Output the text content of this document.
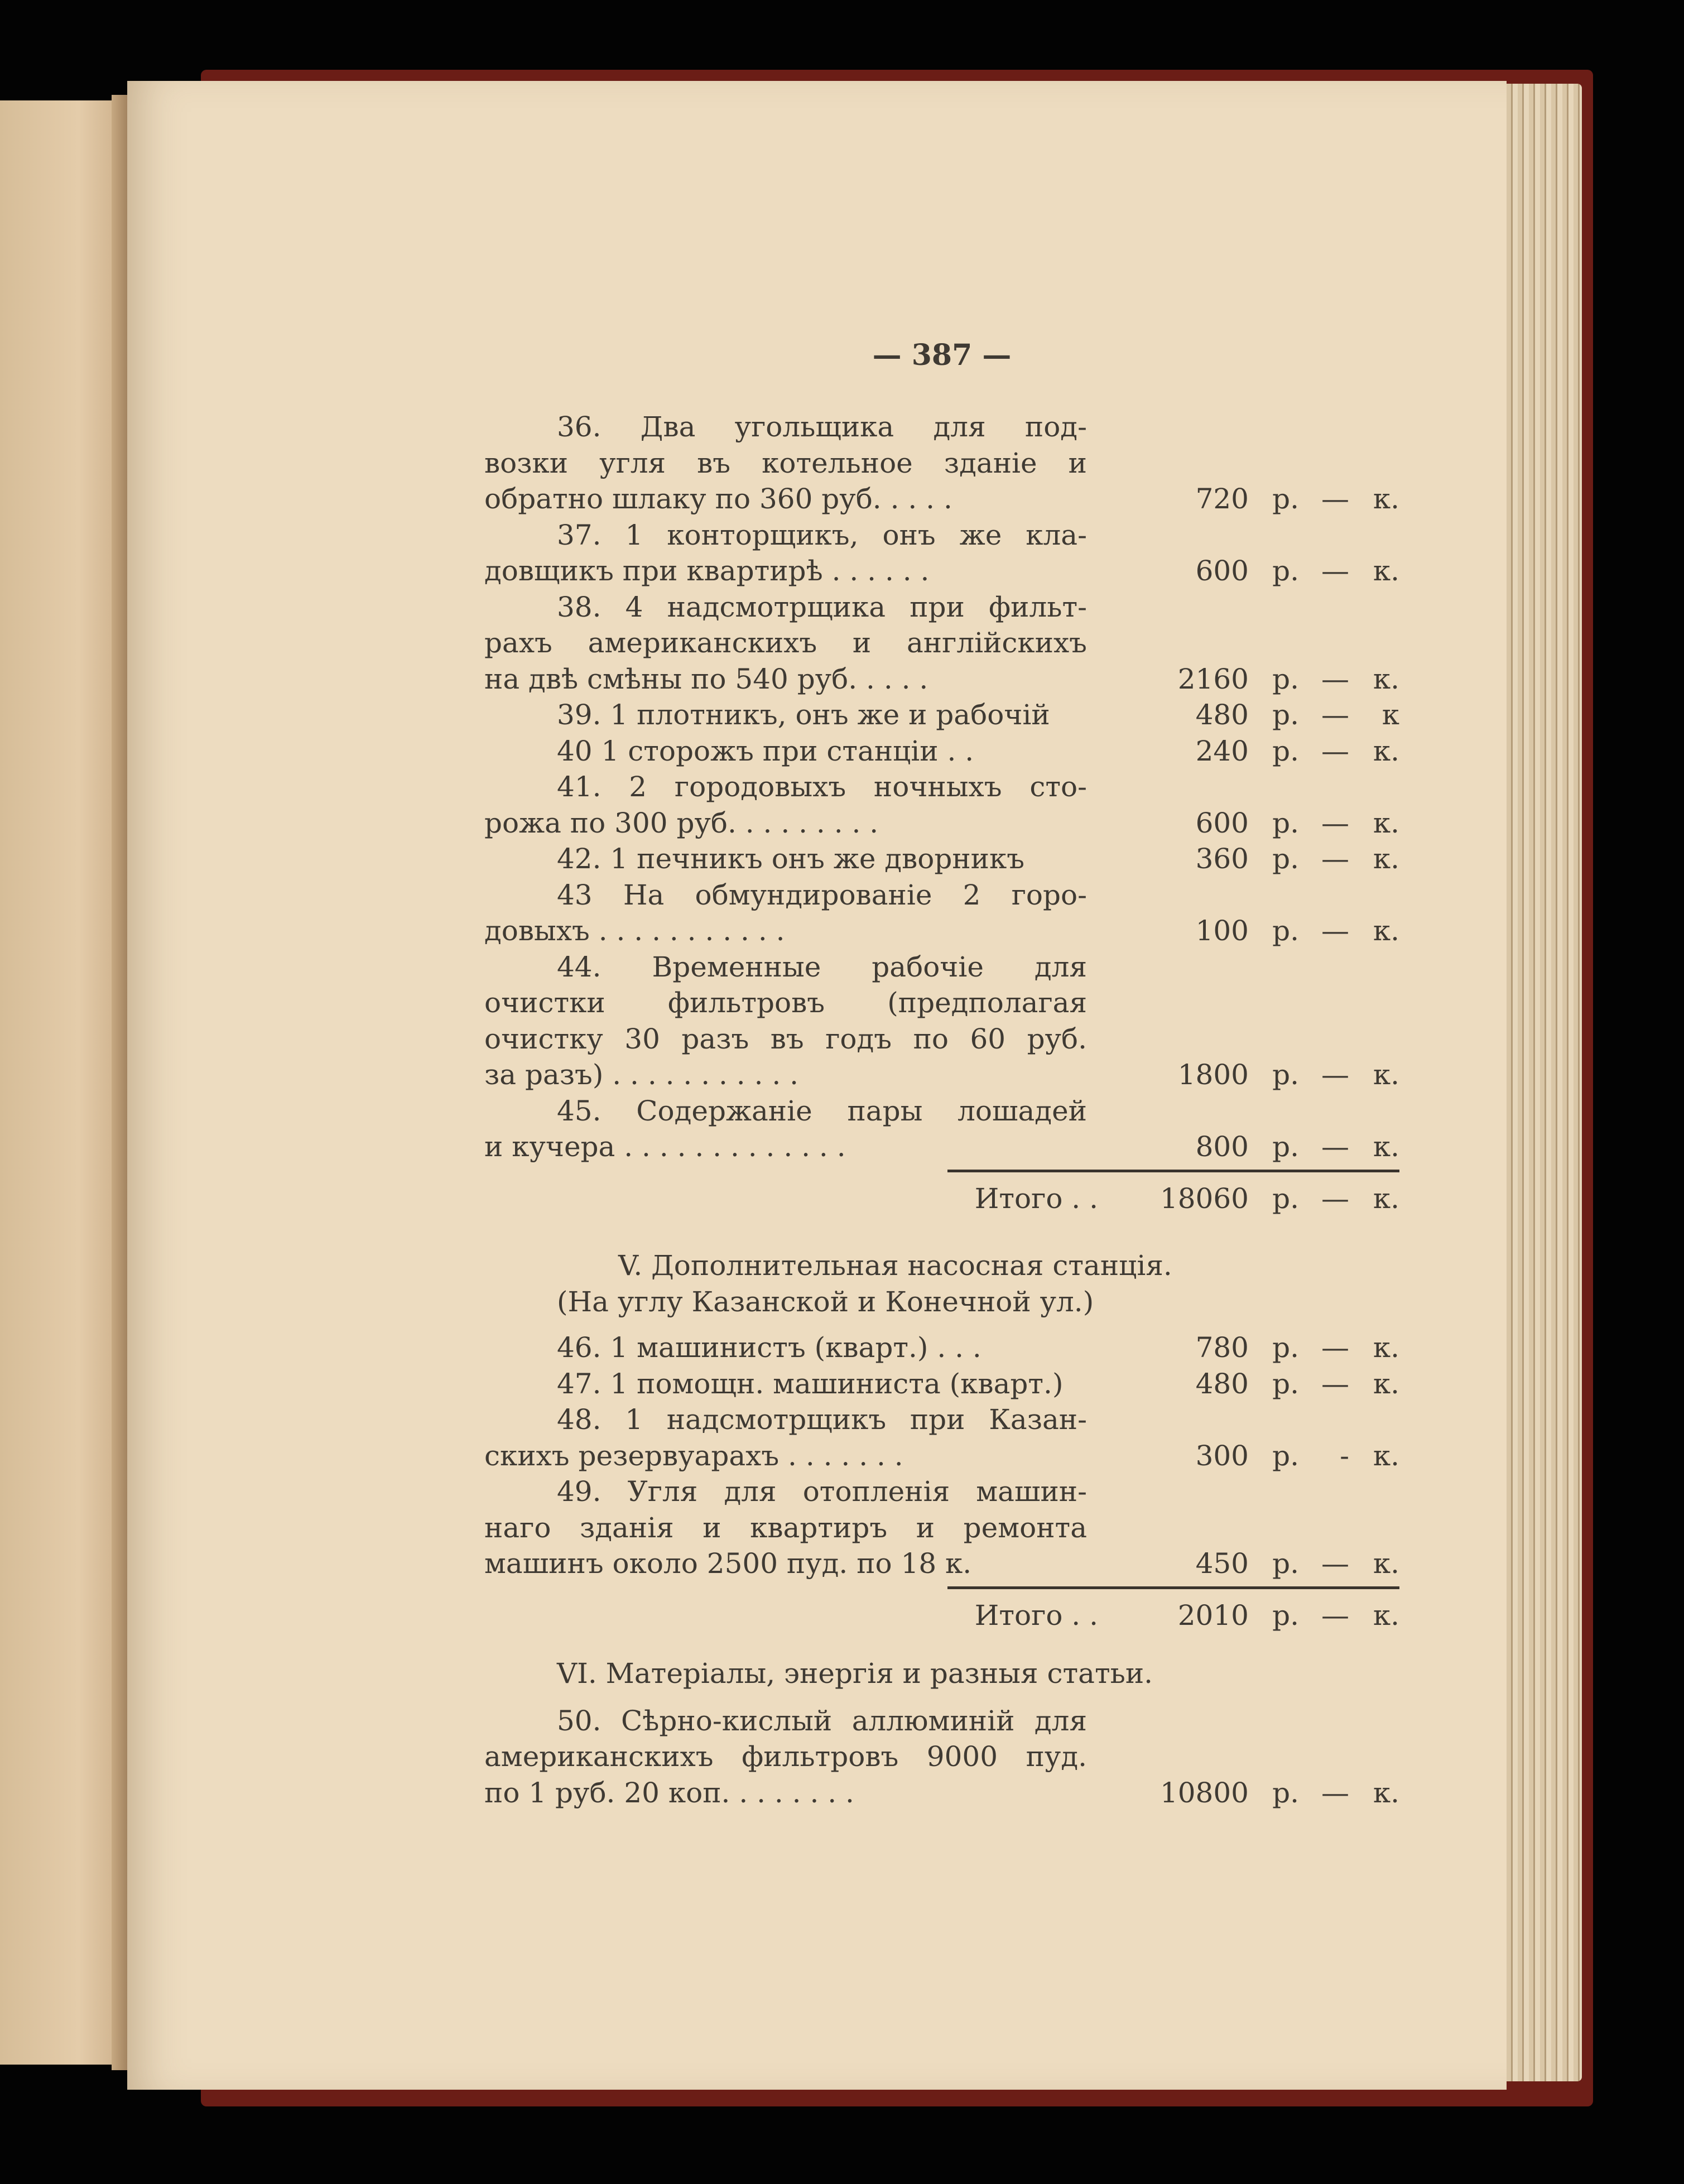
— 387 —
36. Два угольщика для под-
возки угля въ котельное зданіе и
обратно шлаку по 360 руб. . . . .	720 р. — к.
37. 1 конторщикъ, онъ же кла-
довщикъ при квартирѣ . . . . . .	600 р. — к.
38. 4 надсмотрщика при фильт-
рахъ американскихъ и англійскихъ
на двѣ смѣны по 540 руб. . . . .	2160 р. — к.
39. 1 плотникъ, онъ же и рабочій	480 р. — к
40 1 сторожъ при станціи . .	240 р. — к.
41. 2 городовыхъ ночныхъ сто-
рожа по 300 руб. . . . . . . . .	600 р. — к.
42. 1 печникъ онъ же дворникъ	360 р. — к.
43 На обмундированіе 2 горо-
довыхъ . . . . . . . . . . .	100 р. — к.
44. Временные рабочіе для
очистки фильтровъ (предполагая
очистку 30 разъ въ годъ по 60 руб.
за разъ) . . . . . . . . . . .	1800 р. — к.
45. Содержаніе пары лошадей
и кучера . . . . . . . . . . . . .	800 р. — к.
Итого . . 18060 р. — к.
V. Дополнительная насосная станція.
(На углу Казанской и Конечной ул.)
46. 1 машинистъ (кварт.) . . .	780 р. — к.
47. 1 помощн. машиниста (кварт.)	480 р. — к.
48. 1 надсмотрщикъ при Казан-
скихъ резервуарахъ . . . . . . .	300 р. - к.
49. Угля для отопленія машин-
наго зданія и квартиръ и ремонта
машинъ около 2500 пуд. по 18 к.	450 р. — к.
Итого . .	2010 р. — к.
VI. Матеріалы, энергія и разныя статьи.
50. Сѣрно-кислый аллюминій для
американскихъ фильтровъ 9000 пуд.
по 1 руб. 20 коп. . . . . . . .	10800 р. — к.
